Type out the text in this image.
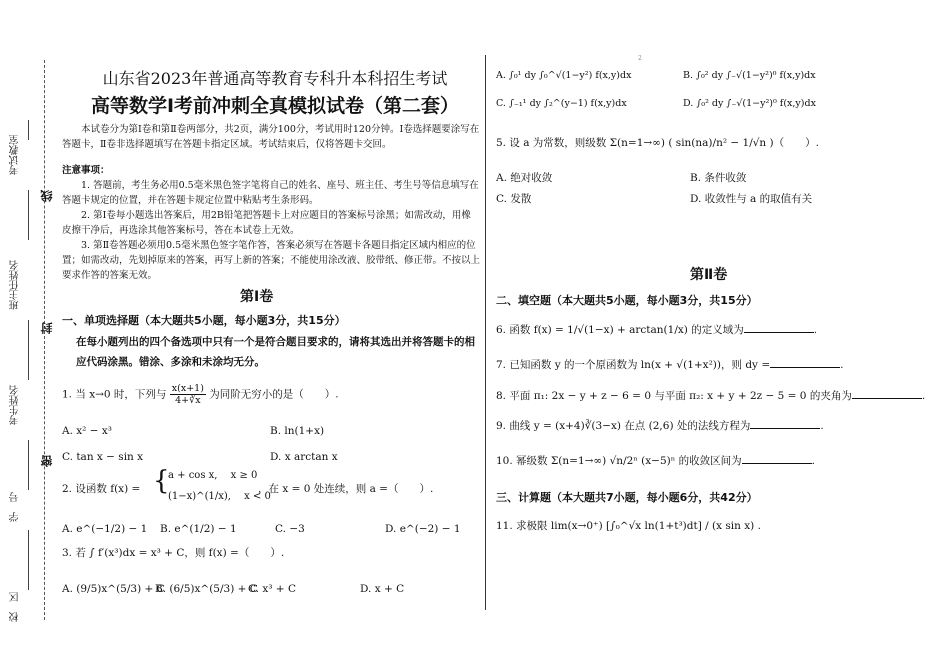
考试教室
班主任姓名
考生姓名
学　号
校　区
线
封
密
山东省2023年普通高等教育专科升本科招生考试
高等数学Ⅰ考前冲刺全真模拟试卷（第二套）
本试卷分为第Ⅰ卷和第Ⅱ卷两部分，共2页，满分100分，考试用时120分钟。Ⅰ卷选择题要涂写在答题卡，Ⅱ卷非选择题填写在答题卡指定区域。考试结束后，仅将答题卡交回。
注意事项：
1. 答题前，考生务必用0.5毫米黑色签字笔将自己的姓名、座号、班主任、考生号等信息填写在答题卡规定的位置，并在答题卡规定位置中粘贴考生条形码。
2. 第Ⅰ卷每小题选出答案后，用2B铅笔把答题卡上对应题目的答案标号涂黑；如需改动，用橡皮擦干净后，再选涂其他答案标号，答在本试卷上无效。
3. 第Ⅱ卷答题必须用0.5毫米黑色签字笔作答，答案必须写在答题卡各题目指定区域内相应的位置；如需改动，先划掉原来的答案，再写上新的答案；不能使用涂改液、胶带纸、修正带。不按以上要求作答的答案无效。
第Ⅰ卷
一、单项选择题（本大题共5小题，每小题3分，共15分）
在每小题列出的四个备选项中只有一个是符合题目要求的，请将其选出并将答题卡的相应代码涂黑。错涂、多涂和未涂均无分。
1. 当 x→0 时，下列与 $\frac{x(x+1)}{4+∛x}$ 为同阶无穷小的是（　　）.
A. x² − x³	B. ln(1+x)
C. tan x − sin x	D. x arctan x
2. 设函数 f(x) = {
a + cos x,　 x ≥ 0
(1−x)^(1/x),　 x < 0
，在 x = 0 处连续，则 a =（　　）.
A. e^(−1/2) − 1 B. e^(1/2) − 1	C. −3	D. e^(−2) − 1
3. 若 ∫ f′(x³)dx = x³ + C，则 f(x) =（　　）.
A. (9/5)x^(5/3) + C
B. (6/5)x^(5/3) + C
C. x³ + C	D. x + C
2
A. ∫₀¹ dy ∫₀^√(1−y²) f(x,y)dx	B. ∫₀² dy ∫₋√(1−y²)⁰ f(x,y)dx
C. ∫₋₁¹ dy ∫₂^(y−1) f(x,y)dx	D. ∫₀² dy ∫₋√(1−y²)⁰ f(x,y)dx
5. 设 a 为常数，则级数 Σ(n=1→∞) ( sin(na)/n² − 1/√n )（　　）.
A. 绝对收敛	B. 条件收敛
C. 发散	D. 收敛性与 a 的取值有关
第Ⅱ卷
二、填空题（本大题共5小题，每小题3分，共15分）
6. 函数 f(x) = 1/√(1−x) + arctan(1/x) 的定义域为	.
7. 已知函数 y 的一个原函数为 ln(x + √(1+x²))，则 dy =	.
8. 平面 π₁: 2x − y + z − 6 = 0 与平面 π₂: x + y + 2z − 5 = 0 的夹角为	.
9. 曲线 y = (x+4)∛(3−x) 在点 (2,6) 处的法线方程为	.
10. 幂级数 Σ(n=1→∞) √n/2ⁿ (x−5)ⁿ 的收敛区间为	.
三、计算题（本大题共7小题，每小题6分，共42分）
11. 求极限 lim(x→0⁺) [∫₀^√x ln(1+t³)dt] / (x sin x) .
